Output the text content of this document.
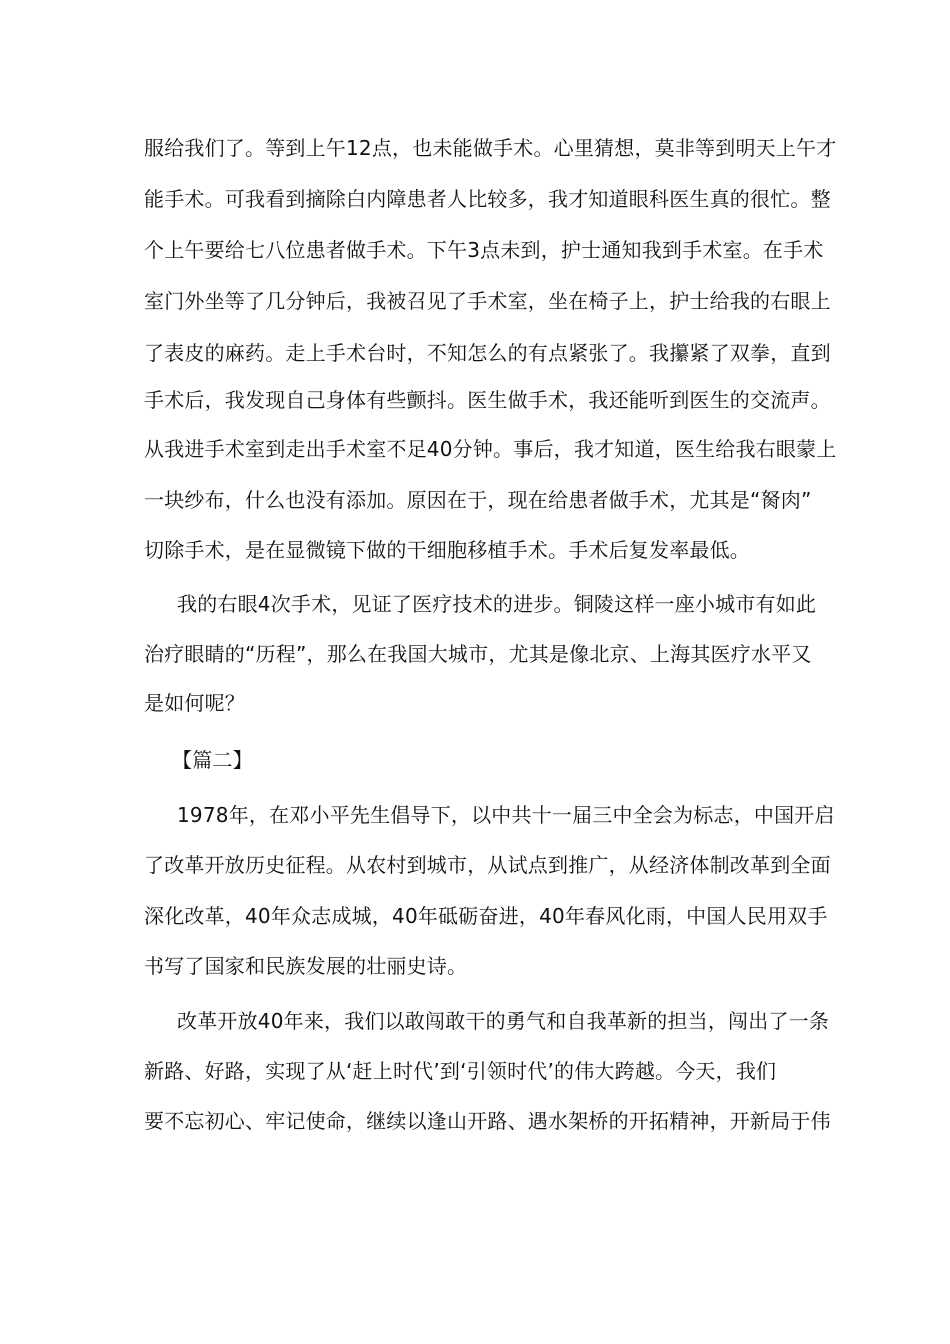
服给我们了。等到上午12点，也未能做手术。心里猜想，莫非等到明天上午才
能手术。可我看到摘除白内障患者人比较多，我才知道眼科医生真的很忙。整
个上午要给七八位患者做手术。下午3点未到，护士通知我到手术室。在手术
室门外坐等了几分钟后，我被召见了手术室，坐在椅子上，护士给我的右眼上
了表皮的麻药。走上手术台时，不知怎么的有点紧张了。我攥紧了双拳，直到
手术后，我发现自己身体有些颤抖。医生做手术，我还能听到医生的交流声。
从我进手术室到走出手术室不足40分钟。事后，我才知道，医生给我右眼蒙上
一块纱布，什么也没有添加。原因在于，现在给患者做手术，尤其是“胬肉”
切除手术，是在显微镜下做的干细胞移植手术。手术后复发率最低。
我的右眼4次手术，见证了医疗技术的进步。铜陵这样一座小城市有如此
治疗眼睛的“历程”，那么在我国大城市，尤其是像北京、上海其医疗水平又
是如何呢？
【篇二】
1978年，在邓小平先生倡导下，以中共十一届三中全会为标志，中国开启
了改革开放历史征程。从农村到城市，从试点到推广，从经济体制改革到全面
深化改革，40年众志成城，40年砥砺奋进，40年春风化雨，中国人民用双手
书写了国家和民族发展的壮丽史诗。
改革开放40年来，我们以敢闯敢干的勇气和自我革新的担当，闯出了一条
新路、好路，实现了从‘赶上时代’到‘引领时代’的伟大跨越。今天，我们
要不忘初心、牢记使命，继续以逢山开路、遇水架桥的开拓精神，开新局于伟
